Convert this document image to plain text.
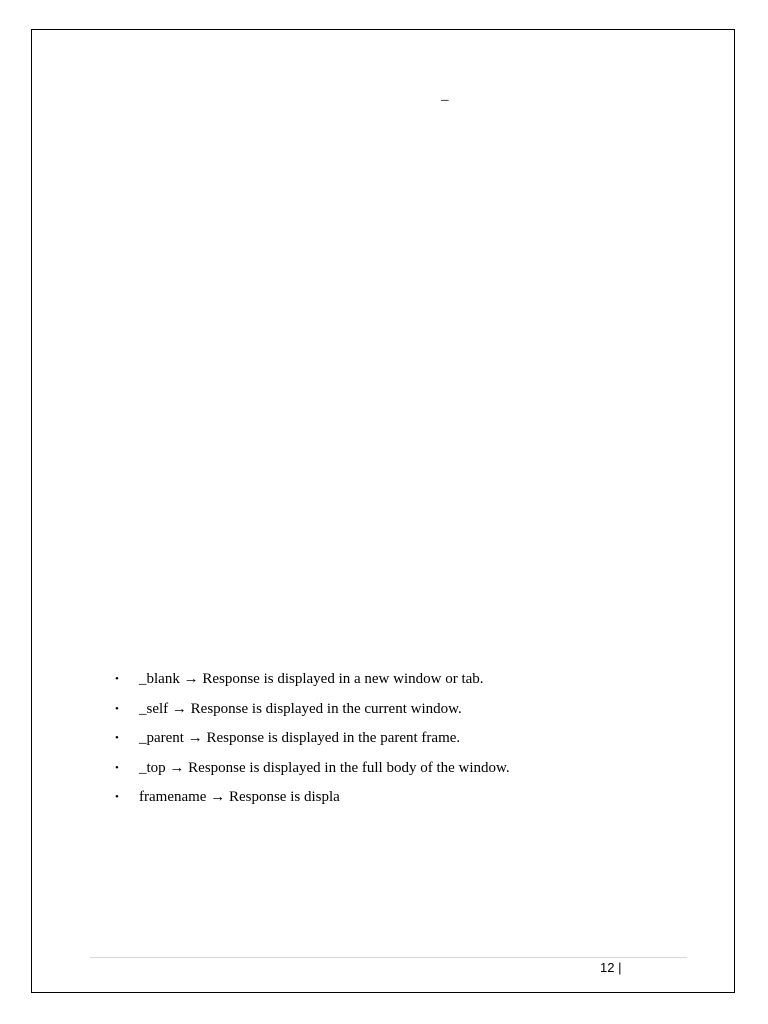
_
• _blank → Response is displayed in a new window or tab.
• _self → Response is displayed in the current window.
• _parent → Response is displayed in the parent frame.
• _top → Response is displayed in the full body of the window.
• framename → Response is displa
12 |
